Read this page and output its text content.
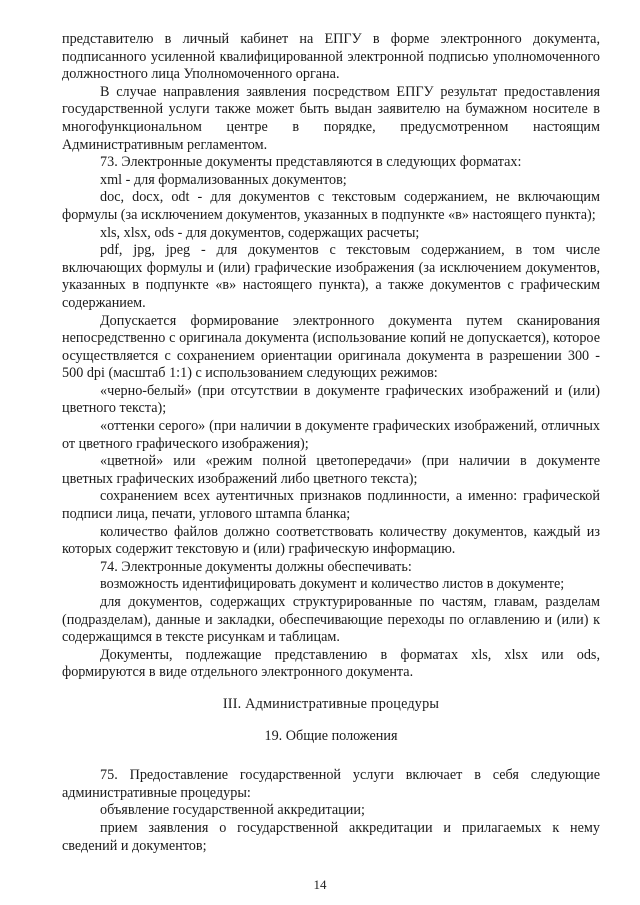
представителю в личный кабинет на ЕПГУ в форме электронного документа, подписанного усиленной квалифицированной электронной подписью уполномоченного должностного лица Уполномоченного органа.

В случае направления заявления посредством ЕПГУ результат предоставления государственной услуги также может быть выдан заявителю на бумажном носителе в многофункциональном центре в порядке, предусмотренном настоящим Административным регламентом.

73. Электронные документы представляются в следующих форматах:

xml - для формализованных документов;

doc, docx, odt - для документов с текстовым содержанием, не включающим формулы (за исключением документов, указанных в подпункте «в» настоящего пункта);

xls, xlsx, ods - для документов, содержащих расчеты;

pdf, jpg, jpeg - для документов с текстовым содержанием, в том числе включающих формулы и (или) графические изображения (за исключением документов, указанных в подпункте «в» настоящего пункта), а также документов с графическим содержанием.

Допускается формирование электронного документа путем сканирования непосредственно с оригинала документа (использование копий не допускается), которое осуществляется с сохранением ориентации оригинала документа в разрешении 300 - 500 dpi (масштаб 1:1) с использованием следующих режимов:

«черно-белый» (при отсутствии в документе графических изображений и (или) цветного текста);

«оттенки серого» (при наличии в документе графических изображений, отличных от цветного графического изображения);

«цветной» или «режим полной цветопередачи» (при наличии в документе цветных графических изображений либо цветного текста);

сохранением всех аутентичных признаков подлинности, а именно: графической подписи лица, печати, углового штампа бланка;

количество файлов должно соответствовать количеству документов, каждый из которых содержит текстовую и (или) графическую информацию.

74. Электронные документы должны обеспечивать:

возможность идентифицировать документ и количество листов в документе;

для документов, содержащих структурированные по частям, главам, разделам (подразделам), данные и закладки, обеспечивающие переходы по оглавлению и (или) к содержащимся в тексте рисункам и таблицам.

Документы, подлежащие представлению в форматах xls, xlsx или ods, формируются в виде отдельного электронного документа.

III. Административные процедуры

19. Общие положения

75. Предоставление государственной услуги включает в себя следующие административные процедуры:

объявление государственной аккредитации;

прием заявления о государственной аккредитации и прилагаемых к нему сведений и документов;

14
